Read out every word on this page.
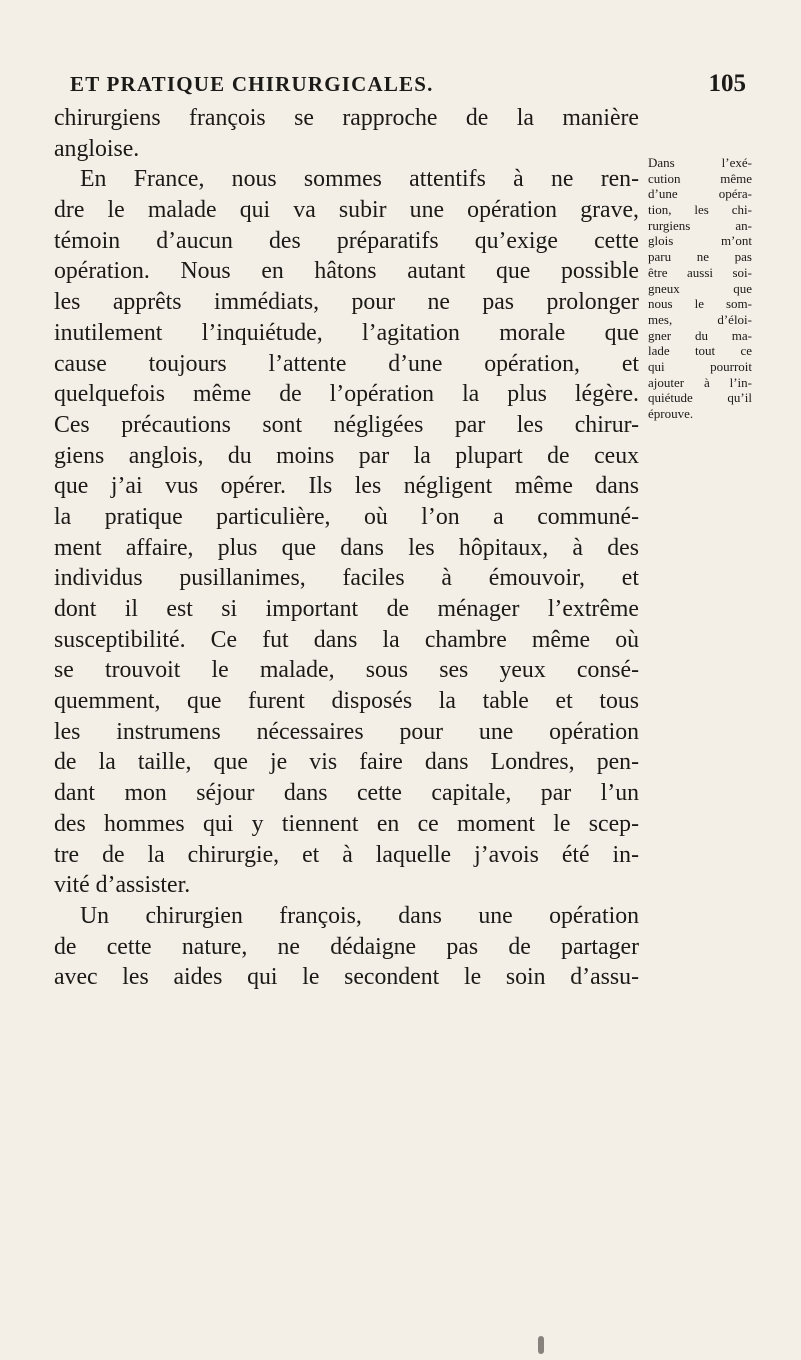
ET PRATIQUE CHIRURGICALES.	105
chirurgiens françois se rapproche de la manière
angloise.
En France, nous sommes attentifs à ne ren-
dre le malade qui va subir une opération grave,
témoin d’aucun des préparatifs qu’exige cette
opération. Nous en hâtons autant que possible
les apprêts immédiats, pour ne pas prolonger
inutilement l’inquiétude, l’agitation morale que
cause toujours l’attente d’une opération, et
quelquefois même de l’opération la plus légère.
Ces précautions sont négligées par les chirur-
giens anglois, du moins par la plupart de ceux
que j’ai vus opérer. Ils les négligent même dans
la pratique particulière, où l’on a communé-
ment affaire, plus que dans les hôpitaux, à des
individus pusillanimes, faciles à émouvoir, et
dont il est si important de ménager l’extrême
susceptibilité. Ce fut dans la chambre même où
se trouvoit le malade, sous ses yeux consé-
quemment, que furent disposés la table et tous
les instrumens nécessaires pour une opération
de la taille, que je vis faire dans Londres, pen-
dant mon séjour dans cette capitale, par l’un
des hommes qui y tiennent en ce moment le scep-
tre de la chirurgie, et à laquelle j’avois été in-
vité d’assister.
Un chirurgien françois, dans une opération
de cette nature, ne dédaigne pas de partager
avec les aides qui le secondent le soin d’assu-
Dans l’exé-
cution même
d’une opéra-
tion, les chi-
rurgiens an-
glois m’ont
paru ne pas
être aussi soi-
gneux que
nous le som-
mes, d’éloi-
gner du ma-
lade tout ce
qui pourroit
ajouter à l’in-
quiétude qu’il
éprouve.
